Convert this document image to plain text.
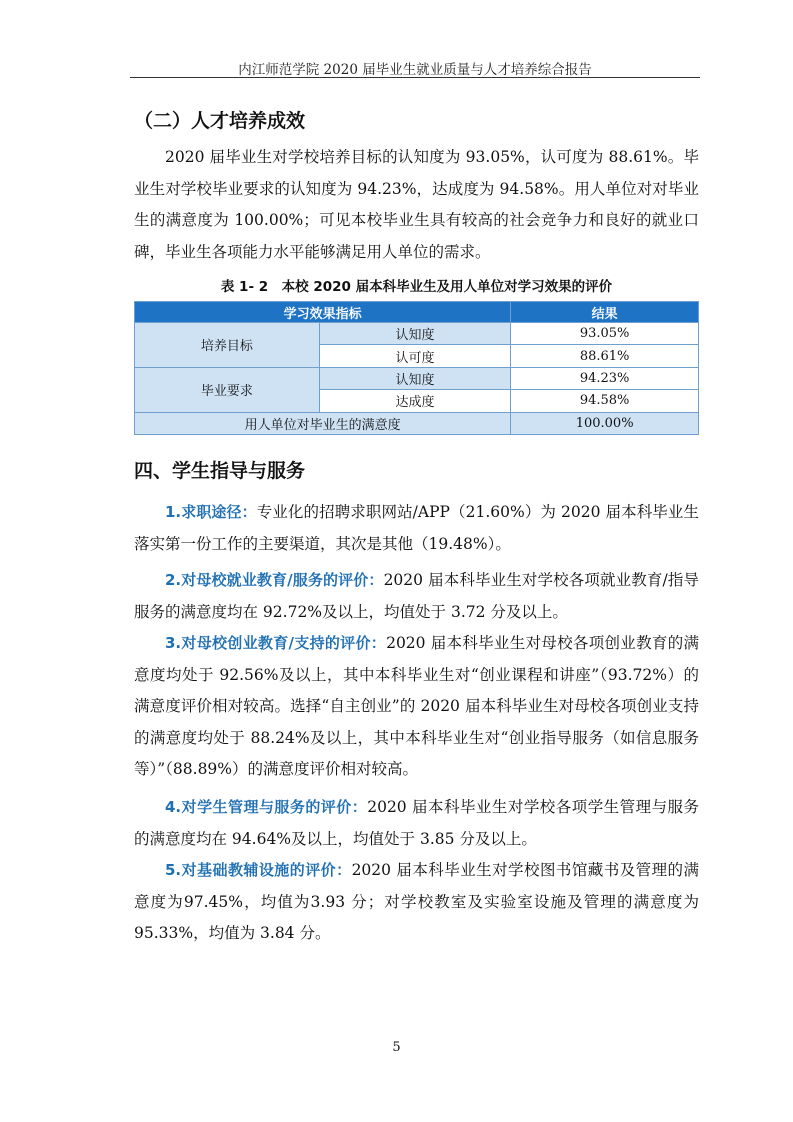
内江师范学院 2020 届毕业生就业质量与人才培养综合报告
（二）人才培养成效
2020 届毕业生对学校培养目标的认知度为 93.05%，认可度为 88.61%。毕业生对学校毕业要求的认知度为 94.23%，达成度为 94.58%。用人单位对对毕业生的满意度为 100.00%；可见本校毕业生具有较高的社会竞争力和良好的就业口碑，毕业生各项能力水平能够满足用人单位的需求。
表 1- 2　本校 2020 届本科毕业生及用人单位对学习效果的评价
学习效果指标		结果
培养目标	认知度	93.05%
	认可度	88.61%
毕业要求	认知度	94.23%
	达成度	94.58%
用人单位对毕业生的满意度		100.00%
四、学生指导与服务
1.求职途径：专业化的招聘求职网站/APP（21.60%）为 2020 届本科毕业生落实第一份工作的主要渠道，其次是其他（19.48%）。
2.对母校就业教育/服务的评价：2020 届本科毕业生对学校各项就业教育/指导服务的满意度均在 92.72%及以上，均值处于 3.72 分及以上。
3.对母校创业教育/支持的评价：2020 届本科毕业生对母校各项创业教育的满意度均处于 92.56%及以上，其中本科毕业生对“创业课程和讲座”（93.72%）的满意度评价相对较高。选择“自主创业”的 2020 届本科毕业生对母校各项创业支持的满意度均处于 88.24%及以上，其中本科毕业生对“创业指导服务（如信息服务等）”（88.89%）的满意度评价相对较高。
4.对学生管理与服务的评价：2020 届本科毕业生对学校各项学生管理与服务的满意度均在 94.64%及以上，均值处于 3.85 分及以上。
5.对基础教辅设施的评价：2020 届本科毕业生对学校图书馆藏书及管理的满意度为97.45%，均值为3.93 分；对学校教室及实验室设施及管理的满意度为95.33%，均值为 3.84 分。
5
